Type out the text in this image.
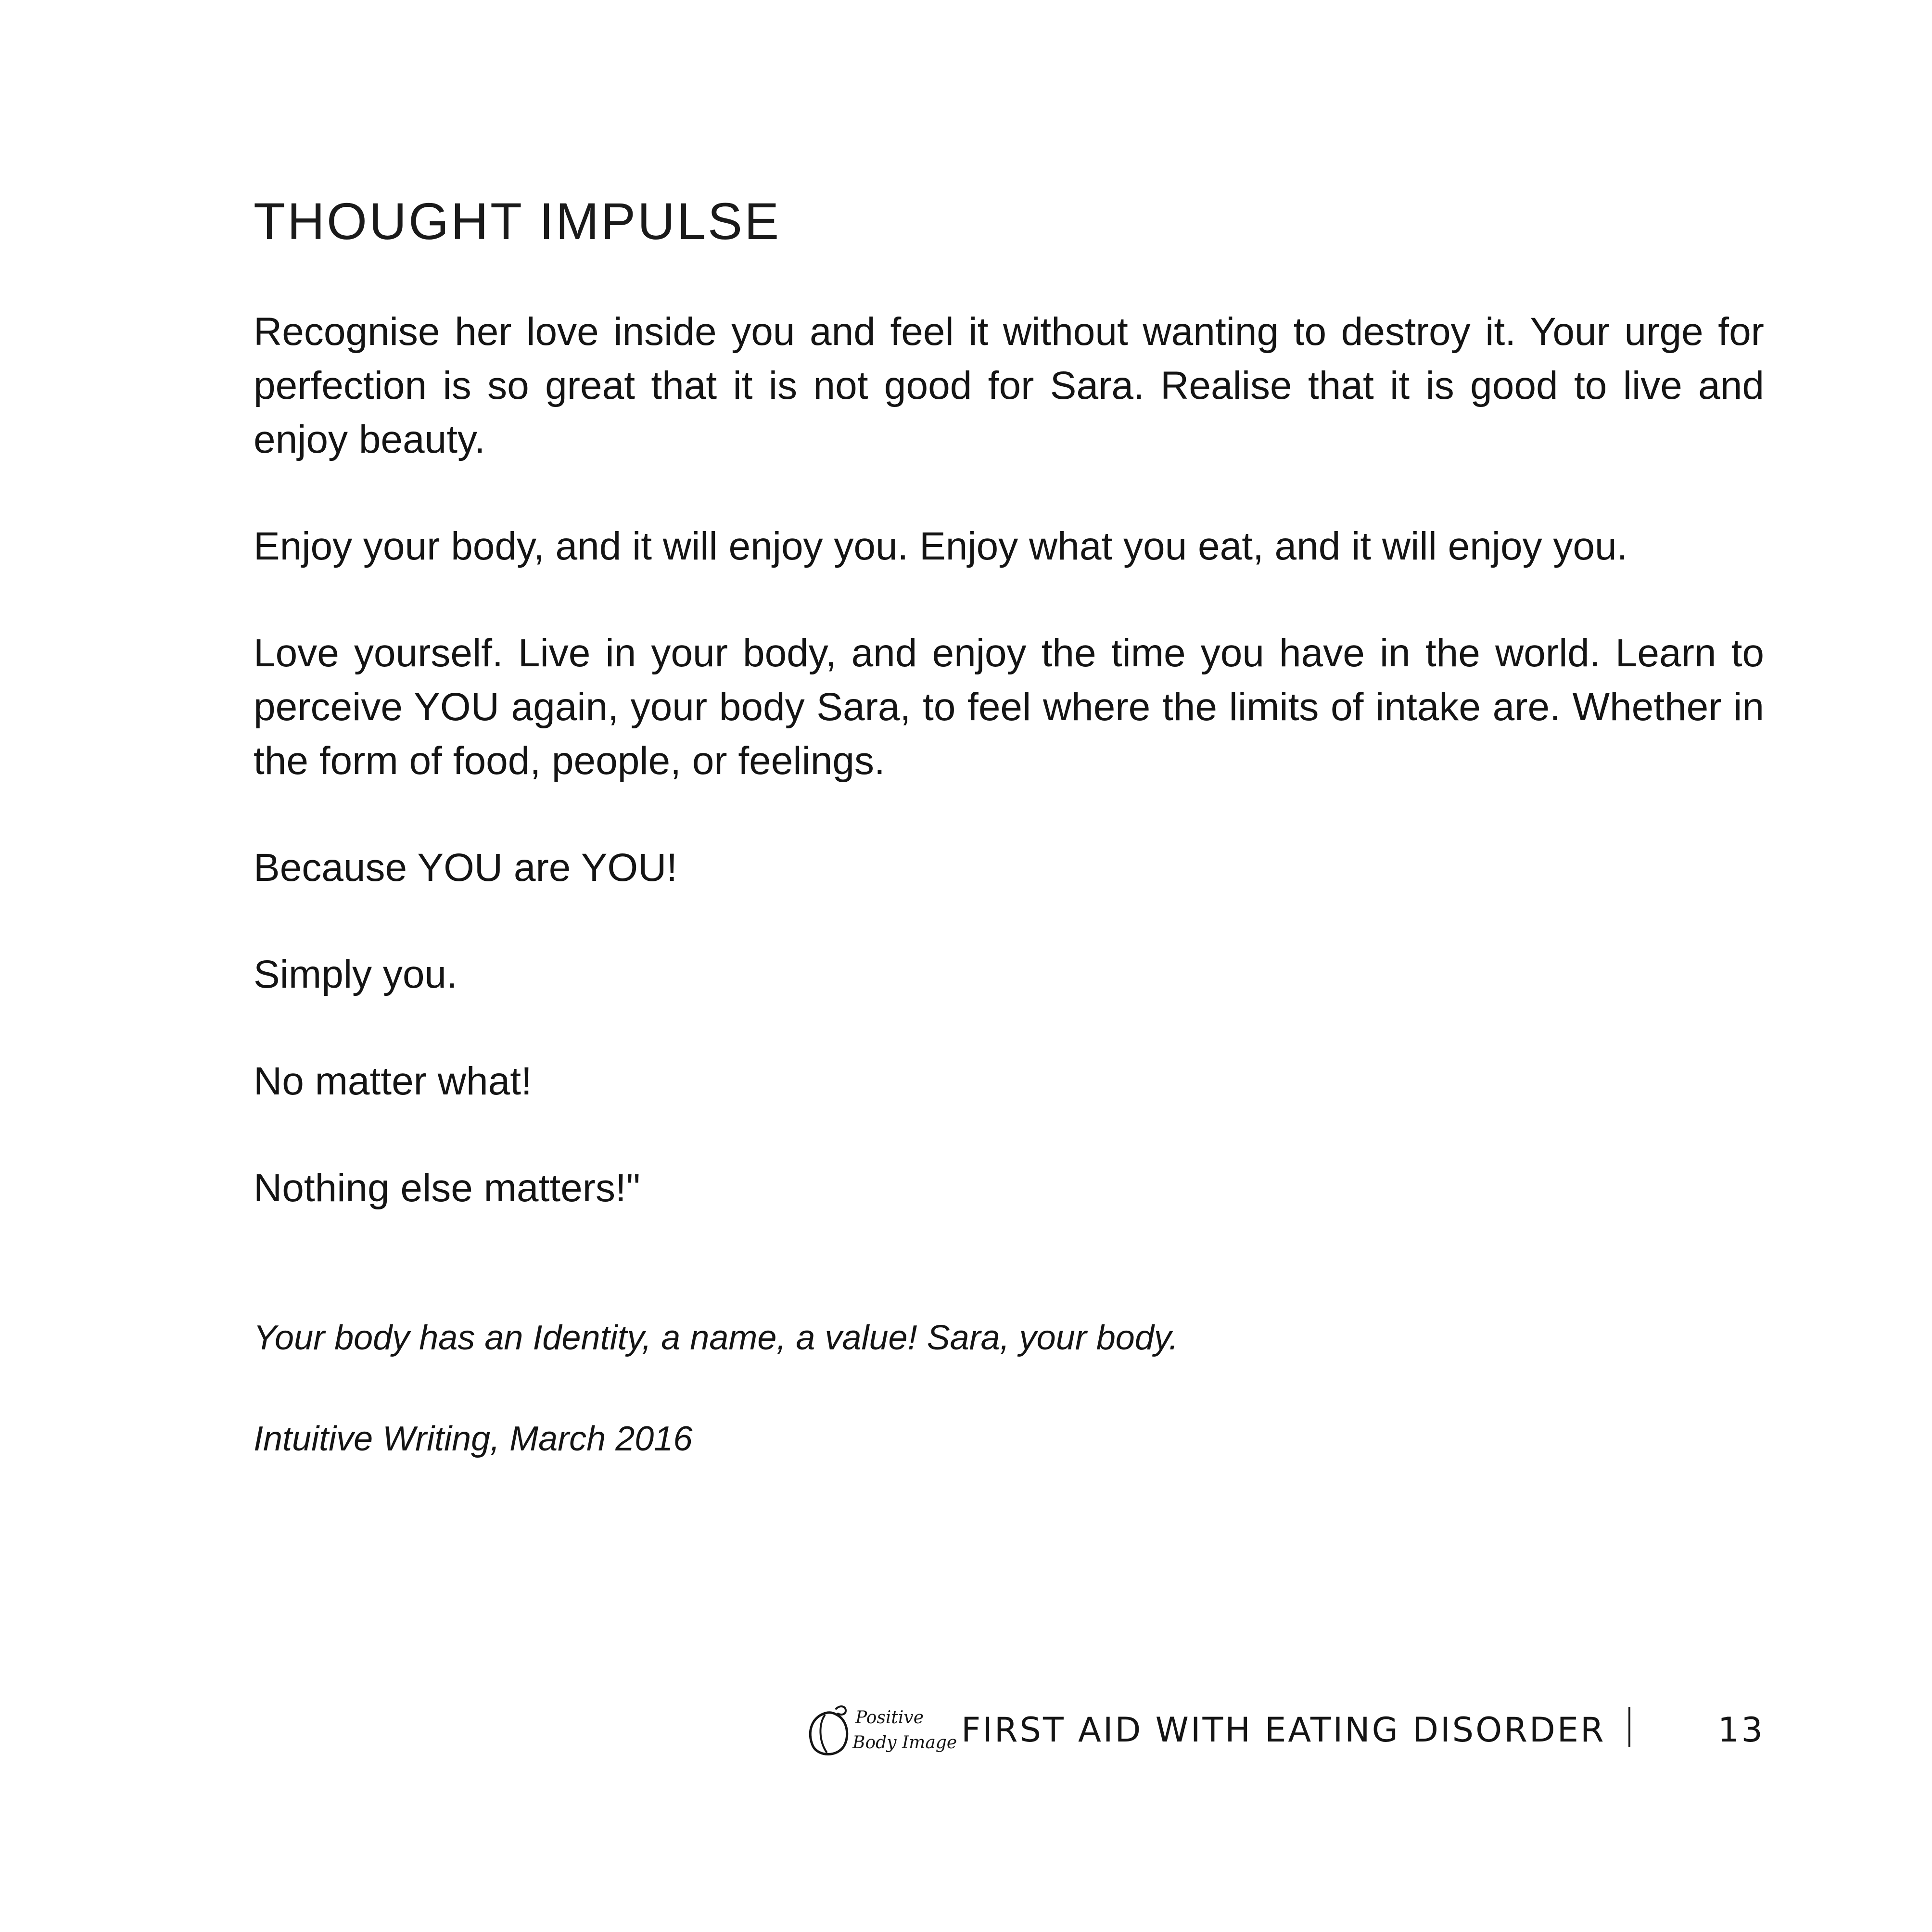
THOUGHT IMPULSE

Recognise her love inside you and feel it without wanting to destroy it. Your urge for perfection is so great that it is not good for Sara. Realise that it is good to live and enjoy beauty.

Enjoy your body, and it will enjoy you. Enjoy what you eat, and it will enjoy you.

Love yourself. Live in your body, and enjoy the time you have in the world. Learn to perceive YOU again, your body Sara, to feel where the limits of intake are. Whether in the form of food, people, or feelings.

Because YOU are YOU!

Simply you.

No matter what!

Nothing else matters!"

Your body has an Identity, a name, a value! Sara, your body.

Intuitive Writing, March 2016

Positive
Body Image FIRST AID WITH EATING DISORDER	13
